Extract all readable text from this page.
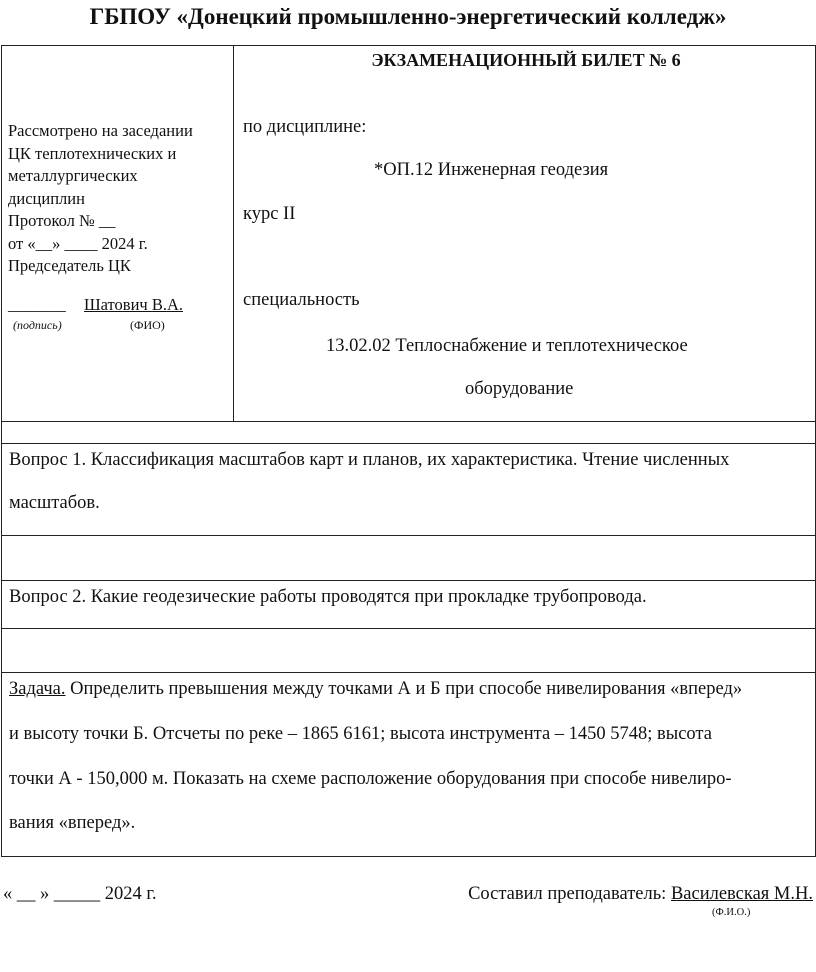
ГБПОУ «Донецкий промышленно-энергетический колледж»
Рассмотрено на заседании
ЦК теплотехнических и
металлургических
дисциплин
Протокол № __
от «__» ____ 2024 г.
Председатель ЦК
_______ Шатович В.А.
(подпись)	(ФИО)
ЭКЗАМЕНАЦИОННЫЙ БИЛЕТ № 6
по дисциплине:
*ОП.12 Инженерная геодезия
курс II
специальность
13.02.02 Теплоснабжение и теплотехническое
оборудование
Вопрос 1. Классификация масштабов карт и планов, их характеристика. Чтение численных
масштабов.
Вопрос 2. Какие геодезические работы проводятся при прокладке трубопровода.
Задача. Определить превышения между точками А и Б при способе нивелирования «вперед»
и высоту точки Б. Отсчеты по реке – 1865 6161; высота инструмента – 1450 5748; высота
точки А - 150,000 м. Показать на схеме расположение оборудования при способе нивелиро-
вания «вперед».
« __ » _____ 2024 г.	Составил преподаватель: Василевская М.Н.
(Ф.И.О.)
